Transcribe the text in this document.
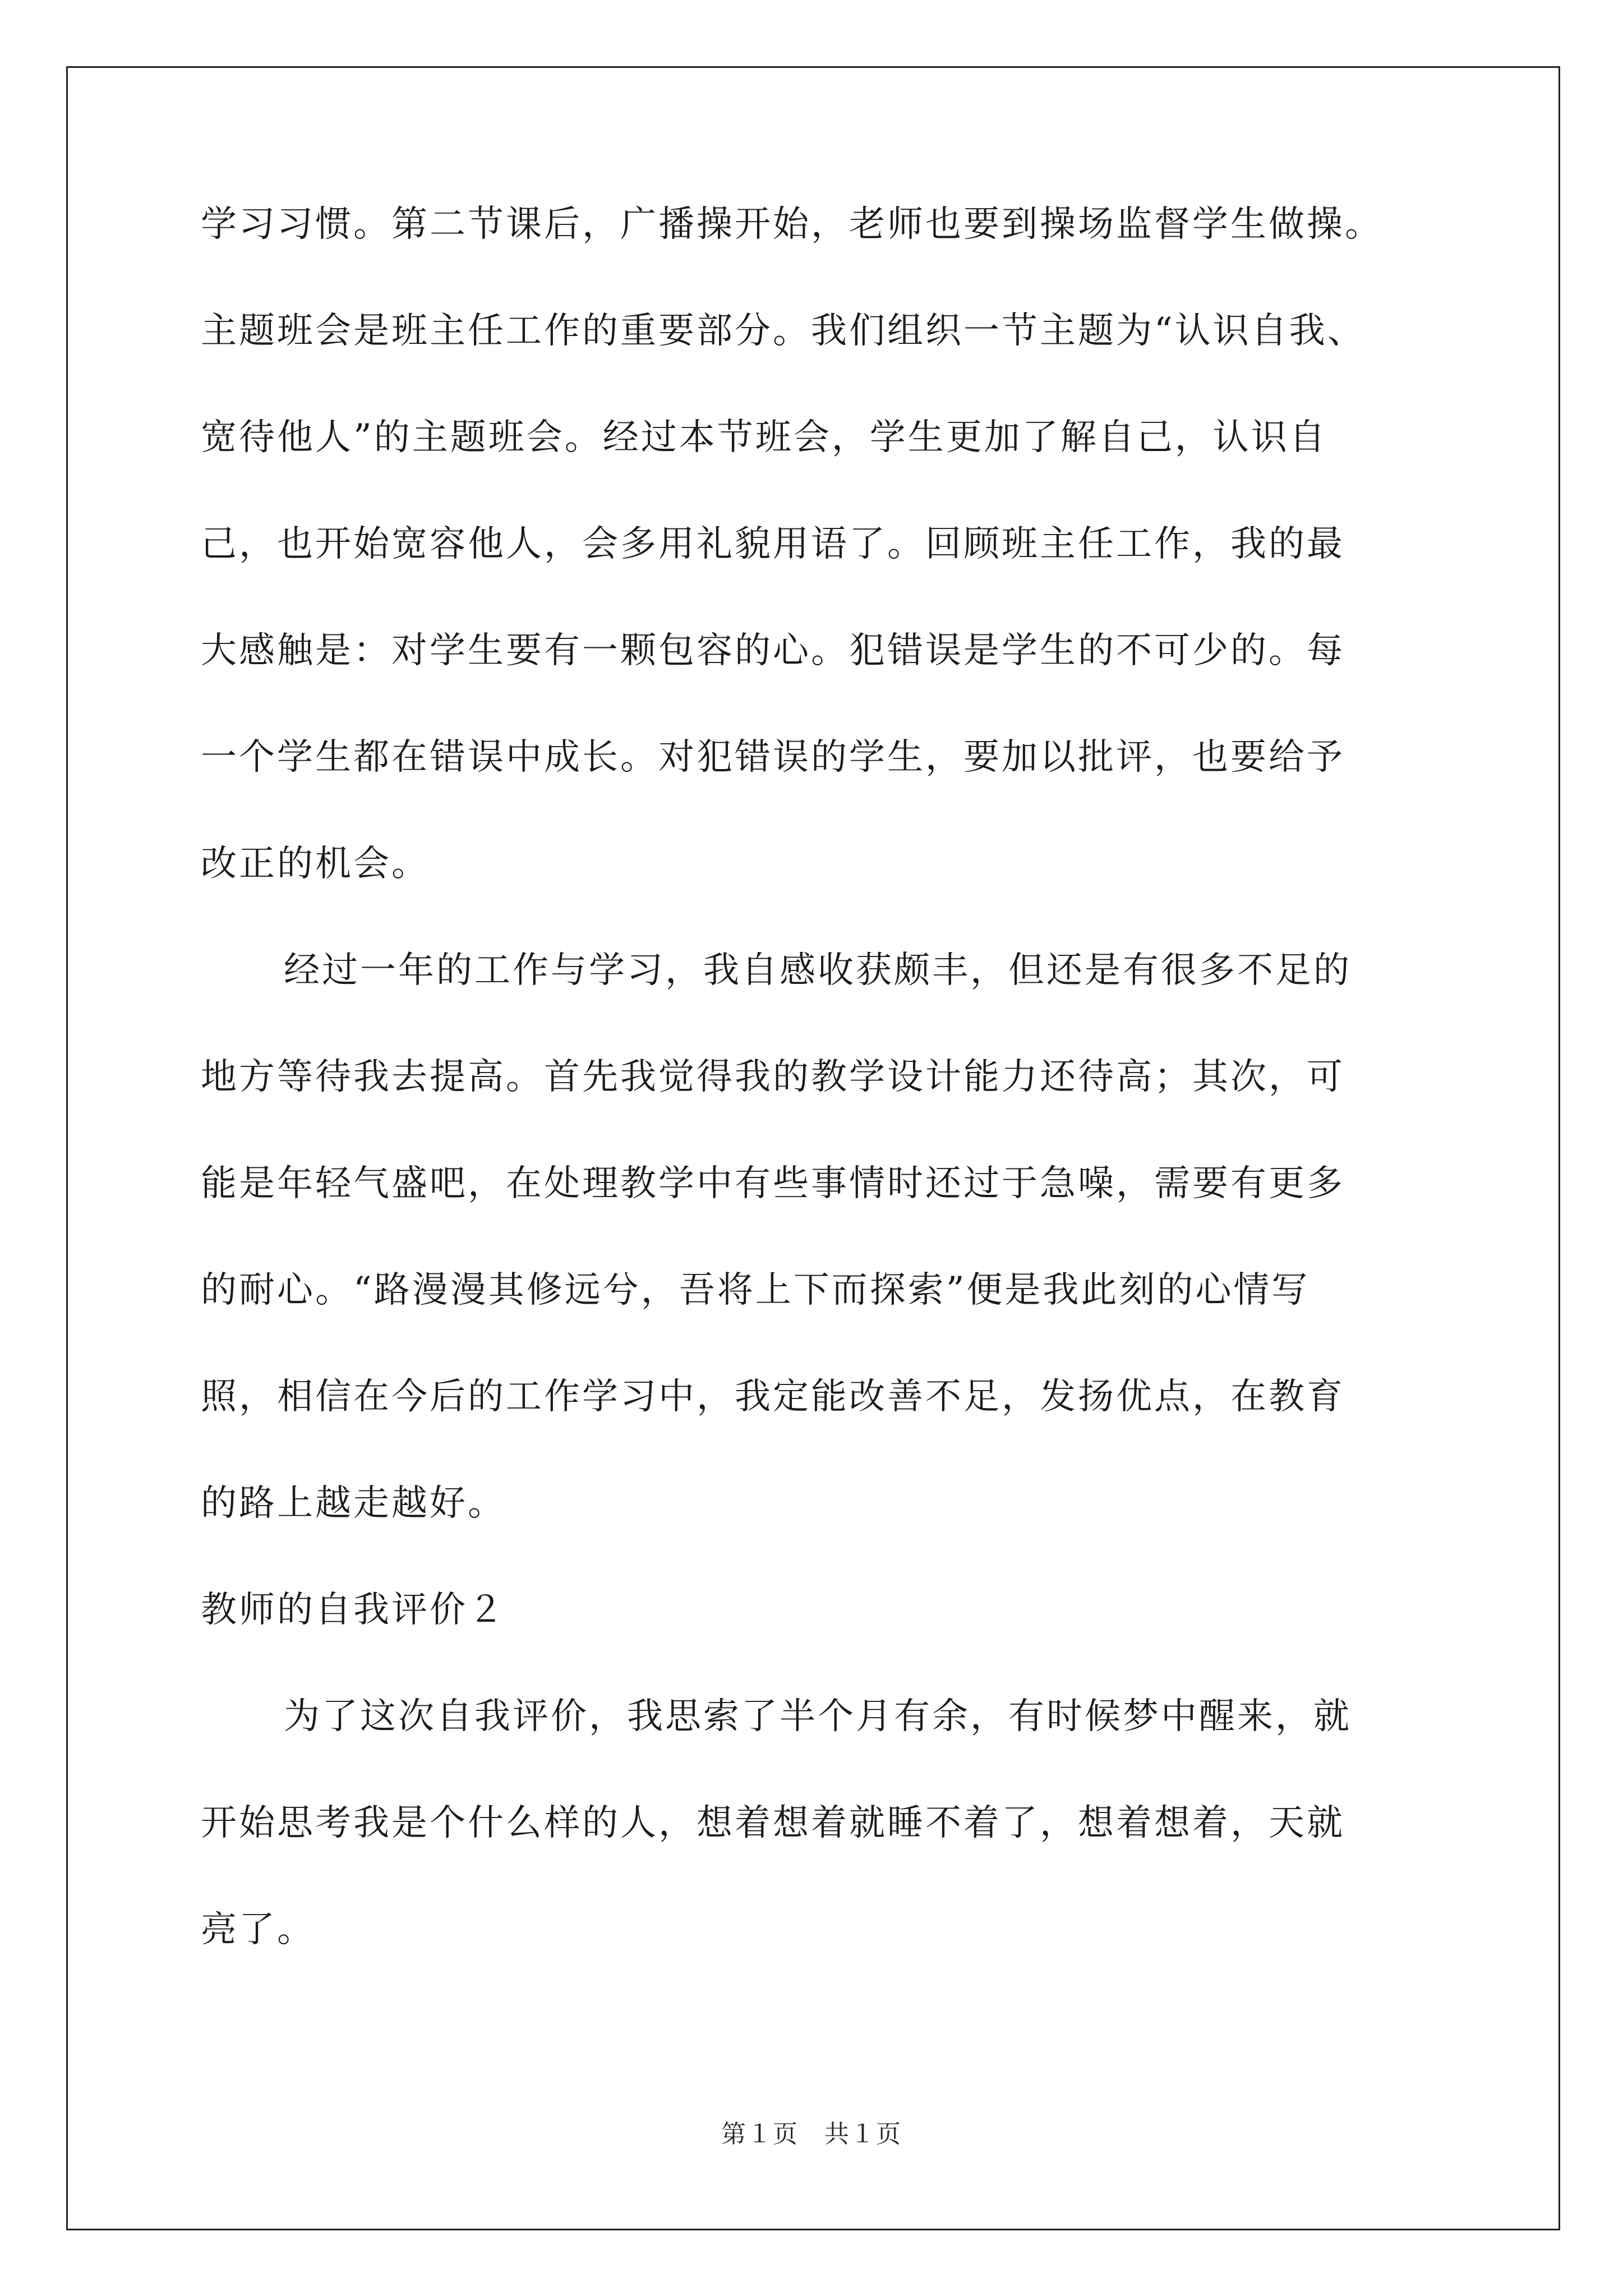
学习习惯。第二节课后，广播操开始，老师也要到操场监督学生做操。
主题班会是班主任工作的重要部分。我们组织一节主题为“认识自我、
宽待他人”的主题班会。经过本节班会，学生更加了解自己，认识自
己，也开始宽容他人，会多用礼貌用语了。回顾班主任工作，我的最
大感触是：对学生要有一颗包容的心。犯错误是学生的不可少的。每
一个学生都在错误中成长。对犯错误的学生，要加以批评，也要给予
改正的机会。
经过一年的工作与学习，我自感收获颇丰，但还是有很多不足的
地方等待我去提高。首先我觉得我的教学设计能力还待高；其次，可
能是年轻气盛吧，在处理教学中有些事情时还过于急噪，需要有更多
的耐心。“路漫漫其修远兮，吾将上下而探索”便是我此刻的心情写
照，相信在今后的工作学习中，我定能改善不足，发扬优点，在教育
的路上越走越好。
教师的自我评价２
为了这次自我评价，我思索了半个月有余，有时候梦中醒来，就
开始思考我是个什么样的人，想着想着就睡不着了，想着想着，天就
亮了。
第１页　共１页
